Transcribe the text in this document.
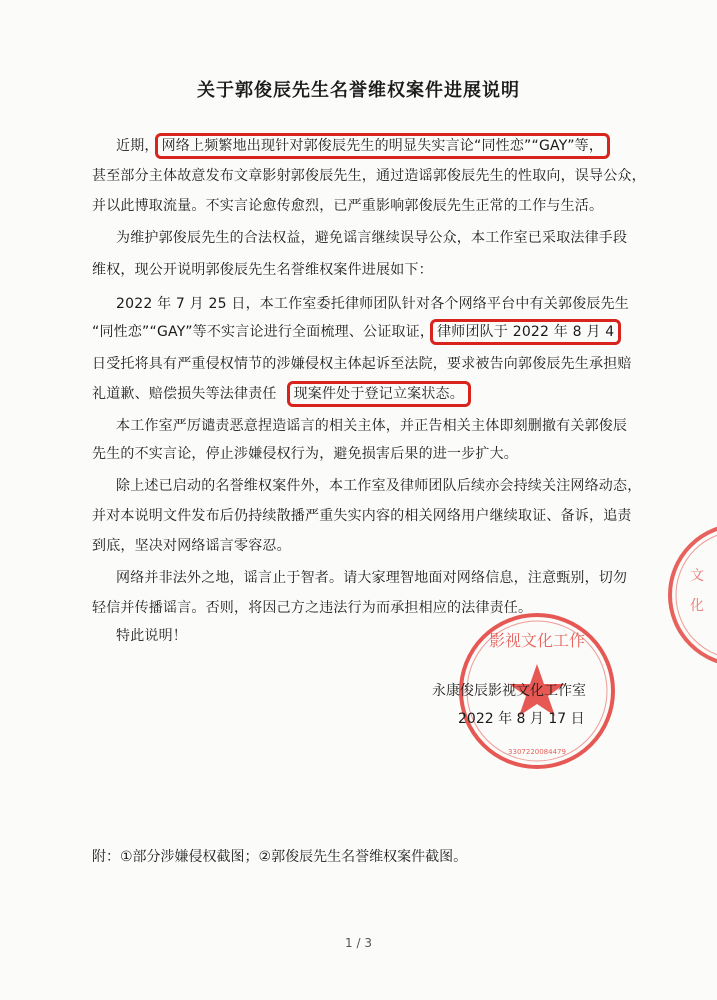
关于郭俊辰先生名誉维权案件进展说明
近期， 网络上频繁地出现针对郭俊辰先生的明显失实言论“同性恋”“GAY”等，
甚至部分主体故意发布文章影射郭俊辰先生，通过造谣郭俊辰先生的性取向，误导公众，
并以此博取流量。不实言论愈传愈烈，已严重影响郭俊辰先生正常的工作与生活。
为维护郭俊辰先生的合法权益，避免谣言继续误导公众，本工作室已采取法律手段
维权，现公开说明郭俊辰先生名誉维权案件进展如下：
2022 年 7 月 25 日，本工作室委托律师团队针对各个网络平台中有关郭俊辰先生
“同性恋”“GAY”等不实言论进行全面梳理、公证取证， 律师团队于 2022 年 8 月 4
日受托将具有严重侵权情节的涉嫌侵权主体起诉至法院，要求被告向郭俊辰先生承担赔
礼道歉、赔偿损失等法律责任 现案件处于登记立案状态。
本工作室严厉谴责恶意捏造谣言的相关主体，并正告相关主体即刻删撤有关郭俊辰
先生的不实言论，停止涉嫌侵权行为，避免损害后果的进一步扩大。
除上述已启动的名誉维权案件外，本工作室及律师团队后续亦会持续关注网络动态，
并对本说明文件发布后仍持续散播严重失实内容的相关网络用户继续取证、备诉，追责
到底，坚决对网络谣言零容忍。
网络并非法外之地，谣言止于智者。请大家理智地面对网络信息，注意甄别，切勿
轻信并传播谣言。否则，将因己方之违法行为而承担相应的法律责任。
特此说明！	影视文化工作
3307220084479
文
化
永康俊辰影视文化工作室
2022 年 8 月 17 日
附：①部分涉嫌侵权截图；②郭俊辰先生名誉维权案件截图。
1 / 3
